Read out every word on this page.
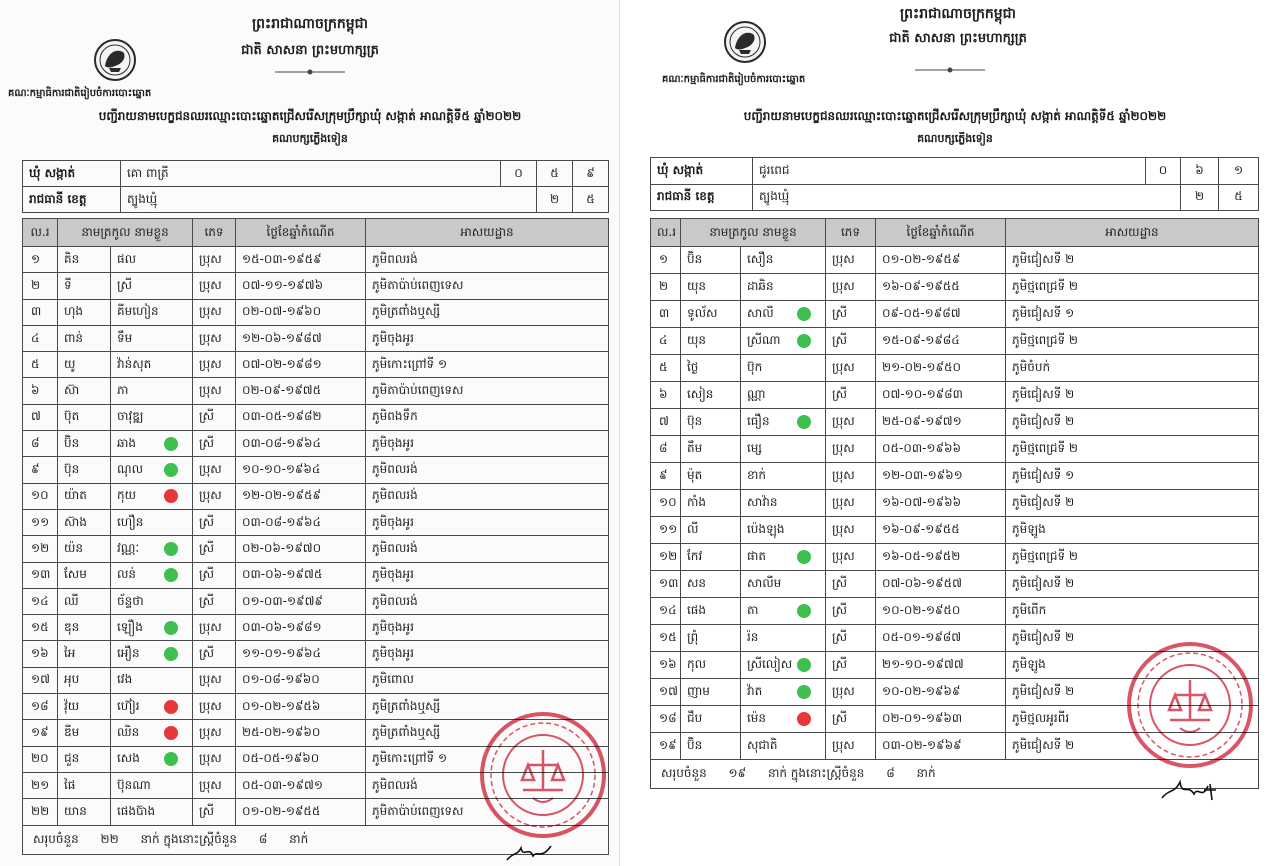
ព្រះរាជាណាចក្រកម្ពុជា
ជាតិ សាសនា ព្រះមហាក្សត្រ
គណៈកម្មាធិការជាតិរៀបចំការបោះឆ្នោត
បញ្ជីរាយនាមបេក្ខជនឈរឈ្មោះបោះឆ្នោតជ្រើសរើសក្រុមប្រឹក្សាឃុំ សង្កាត់ អាណត្តិទី៥ ឆ្នាំ២០២២
គណបក្សភ្លើងទៀន
ឃុំ សង្កាត់	គោ ពាត្រី	០	៥	៩
រាជធានី ខេត្ត	ត្បូងឃ្មុំ		២	៥
ល.រ	នាមត្រកូល នាមខ្លួន		ភេទ	ថ្ងៃខែឆ្នាំកំណើត	អាសយដ្ឋាន
១	គិន	ផល	ប្រុស	១៥-០៣-១៩៥៩	ភូមិពលរង់
២	ទី	ស្រី	ប្រុស	០៧-១១-១៩៧៦	ភូមិតាប៉ាប់ពេញទេស
៣	ហុង	គីមហៀន	ប្រុស	០២-០៧-១៩៦០	ភូមិត្រពាំងឬស្សី
៤	ពាន់	ទឹម	ប្រុស	១២-០៦-១៩៨៧	ភូមិចុងអូរ
៥	យូ	វ៉ាន់សុត	ប្រុស	០៧-០២-១៩៨១	ភូមិកោះព្រៅទី ១
៦	ស៊ា	ភា	ប្រុស	០២-០៩-១៩៧៥	ភូមិតាប៉ាប់ពេញទេស
៧	ប៊ុត	ចាវុឌ្ឍ	ស្រី	០៣-០៥-១៩៨២	ភូមិពងទឹក
៨	ប៊ិន	ឆាង	ស្រី	០៣-០៨-១៩៦៤	ភូមិចុងអូរ
៩	ប៊ុន	ណុល	ប្រុស	១០-១០-១៩៦៤	ភូមិពលរង់
១០	យ៉ាត	កុយ	ប្រុស	១២-០២-១៩៥៩	ភូមិពលរង់
១១	ស៊ាង	ហឿន	ស្រី	០៣-០៨-១៩៦៤	ភូមិចុងអូរ
១២	យ៉ន	វណ្ណៈ	ស្រី	០២-០៦-១៩៧០	ភូមិពលរង់
១៣	សែម	លន់	ស្រី	០៣-០៦-១៩៧៥	ភូមិចុងអូរ
១៤	ឈី	ច័ន្ទថា	ស្រី	០១-០៣-១៩៧៩	ភូមិពលរង់
១៥	ឌុន	ឡឿង	ប្រុស	០៣-០៦-១៩៨១	ភូមិចុងអូរ
១៦	អៃ	អឿន	ស្រី	១១-០១-១៩៦៤	ភូមិចុងអូរ
១៧	អុប	វេង	ប្រុស	០១-០៨-១៩៦០	ភូមិពោល
១៨	វ៉ុយ	ហ៊ៀរ	ប្រុស	០១-០២-១៩៥៦	ភូមិត្រពាំងឬស្សី
១៩	ឌីម	ឈិន	ប្រុស	២៥-០២-១៩៦០	ភូមិត្រពាំងឬស្សី
២០	ជួន	សេង	ប្រុស	០៥-០៥-១៩៦០	ភូមិកោះព្រៅទី ១
២១	ផៃ	ប៊ុនណា	ប្រុស	០៥-០៣-១៩៧១	ភូមិពលរង់
២២	យាន	ផេងប៊ាង	ស្រី	០១-០២-១៩៥៥	ភូមិតាប៉ាប់ពេញទេស
សរុបចំនួន ២២ នាក់ ក្នុងនោះស្ត្រីចំនួន ៨ នាក់					
ព្រះរាជាណាចក្រកម្ពុជា
ជាតិ សាសនា ព្រះមហាក្សត្រ
គណៈកម្មាធិការជាតិរៀបចំការបោះឆ្នោត
បញ្ជីរាយនាមបេក្ខជនឈរឈ្មោះបោះឆ្នោតជ្រើសរើសក្រុមប្រឹក្សាឃុំ សង្កាត់ អាណត្តិទី៥ ឆ្នាំ២០២២
គណបក្សភ្លើងទៀន
ឃុំ សង្កាត់	ជូរពេជ	០	៦	១
រាជធានី ខេត្ត	ត្បូងឃ្មុំ		២	៥
ល.រ	នាមត្រកូល នាមខ្លួន		ភេទ	ថ្ងៃខែឆ្នាំកំណើត	អាសយដ្ឋាន
១	ប៊ិន	សឿន	ប្រុស	០១-០២-១៩៥៩	ភូមិជៀសទី ២
២	យុន	ដាឆិន	ប្រុស	១៦-០៩-១៩៥៥	ភូមិថ្មពេជ្រទី ២
៣	ទូល័ស	សាលី	ស្រី	០៩-០៥-១៩៨៧	ភូមិជៀសទី ១
៤	យុន	ស្រីណា	ស្រី	១៥-០៩-១៩៨៤	ភូមិថ្មពេជ្រទី ២
៥	ថ្ងៃ	ប៊ុក	ប្រុស	២១-០២-១៩៥០	ភូមិចំបក់
៦	សៀន	ណ្ណា	ស្រី	០៧-១០-១៩៨៣	ភូមិជៀសទី ២
៧	ប៊ុន	ធឿន	ប្រុស	២៥-០៩-១៩៧១	ភូមិជៀសទី ២
៨	តឹម	ម្សេ	ប្រុស	០៥-០៣-១៩៦៦	ភូមិថ្មពេជ្រទី ២
៩	ម៉ុត	ខាក់	ប្រុស	១២-០៣-១៩៦១	ភូមិជៀសទី ១
១០	កាំង	សាវ៉ាន	ប្រុស	១៦-០៧-១៩៦៦	ភូមិជៀសទី ២
១១	លី	ប៉េងឡុង	ប្រុស	១៦-០៩-១៩៥៥	ភូមិឡូង
១២	កែវ	ផាត	ប្រុស	១៦-០៥-១៩៥២	ភូមិថ្មពេជ្រទី ២
១៣	សន	សាលីម	ស្រី	០៧-០៦-១៩៥៧	ភូមិជៀសទី ២
១៤	ផេង	តា	ស្រី	១០-០២-១៩៥០	ភូមិពើក
១៥	ព្រុំ	រ៉ន	ស្រី	០៥-០១-១៩៨៧	ភូមិជៀសទី ២
១៦	កុល	ស្រីលៀស	ស្រី	២១-១០-១៩៧៧	ភូមិឡូង
១៧	ញាម	វ៉ាត	ប្រុស	១០-០២-១៩៦៩	ភូមិជៀសទី ២
១៨	ជឹប	ម៉េន	ស្រី	០២-០១-១៩៦៣	ភូមិថ្មលអូរពីរ
១៩	ប៊ិន	សុជាតិ	ប្រុស	០៣-០២-១៩៦៩	ភូមិជៀសទី ២
សរុបចំនួន ១៩ នាក់ ក្នុងនោះស្ត្រីចំនួន ៨ នាក់					
